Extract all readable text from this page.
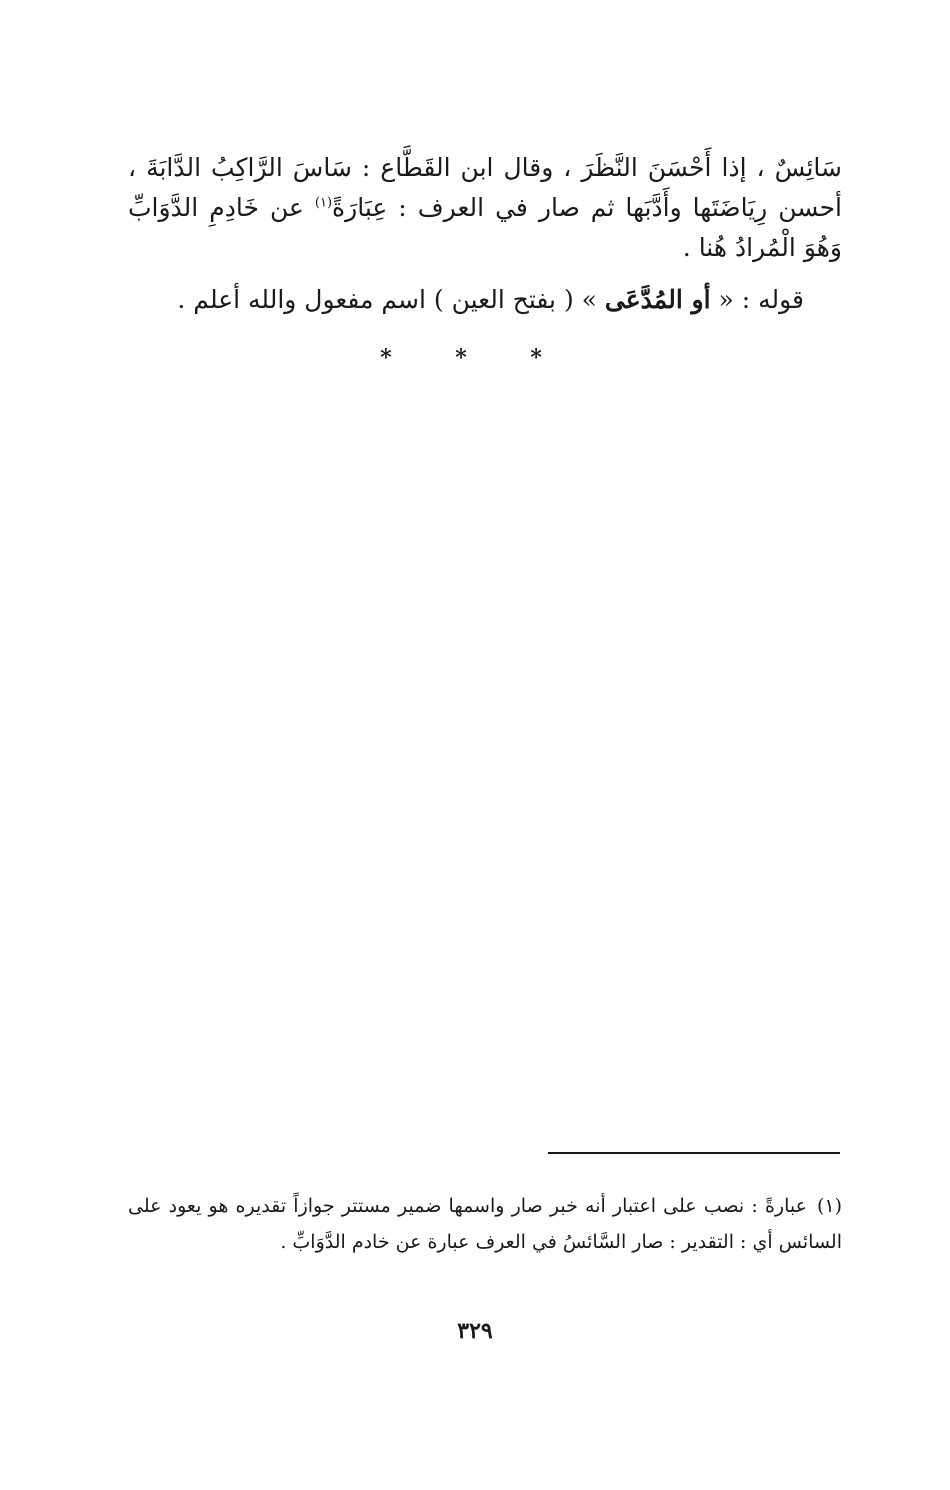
سَائِسٌ ، إذا أَحْسَنَ النَّظَرَ ، وقال ابن القَطَّاع : سَاسَ الرَّاكِبُ الدَّابَةَ ، أحسن رِيَاضَتَها وأَدَّبَها ثم صار في العرف : عِبَارَةً$^{(١)}$ عن خَادِمِ الدَّوَابِّ وَهُوَ الْمُرادُ هُنا .

قوله : « أو المُدَّعَى » ( بفتح العين ) اسم مفعول والله أعلم .

* * *
(١)عبارةً : نصب على اعتبار أنه خبر صار واسمها ضمير مستتر جوازاً تقديره هو يعود على السائس أي : التقدير : صار السَّائسُ في العرف عبارة عن خادم الدَّوَابِّ .
٣٢٩
